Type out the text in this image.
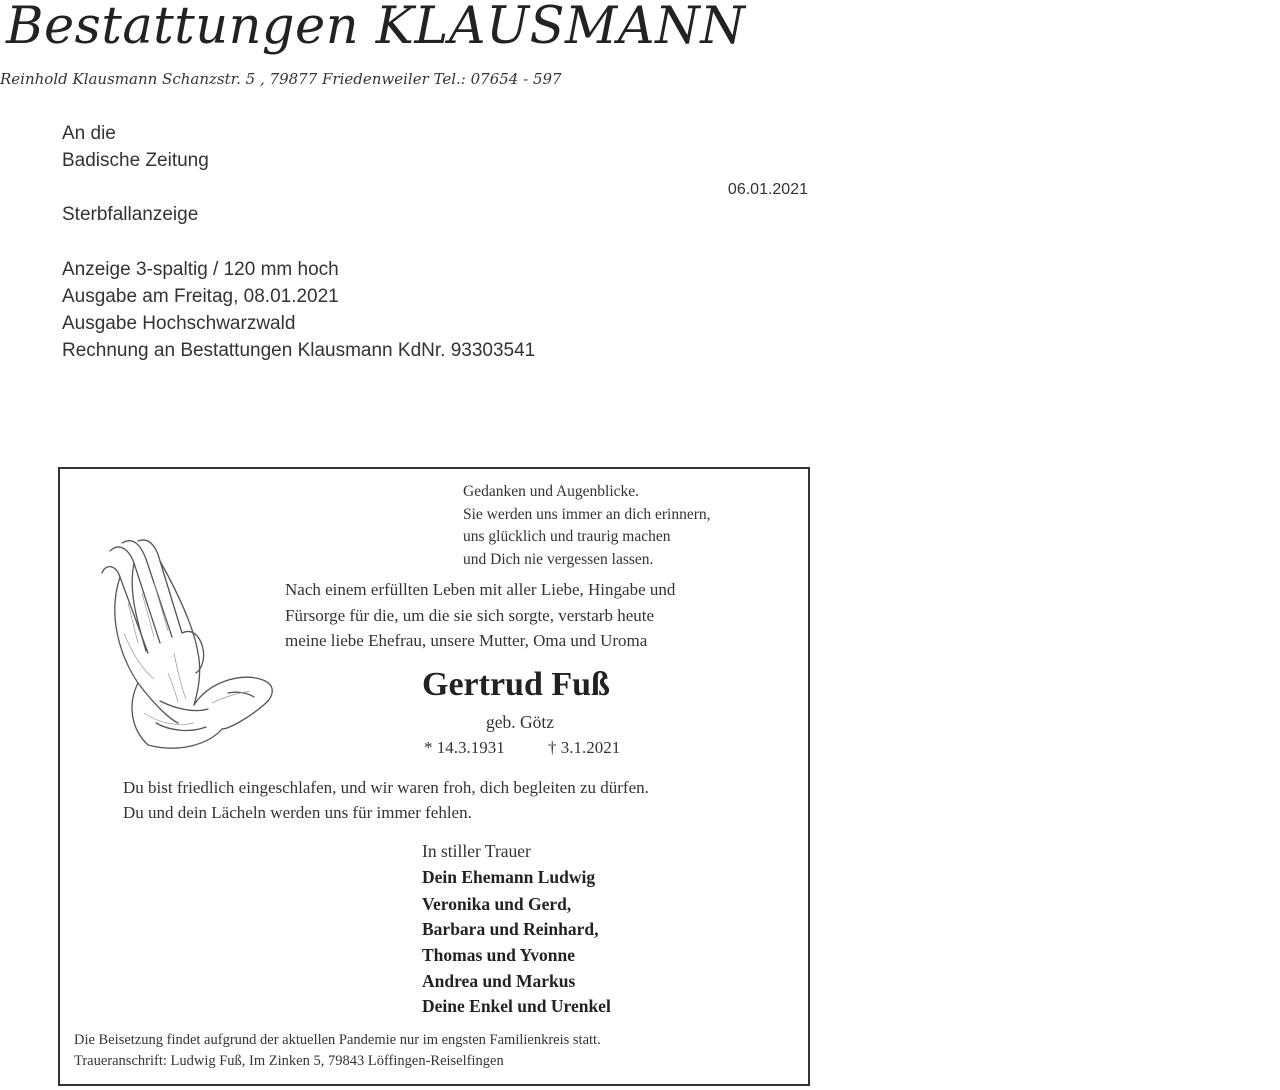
Bestattungen KLAUSMANN
Reinhold Klausmann Schanzstr. 5 , 79877 Friedenweiler Tel.: 07654 - 597
An die
Badische Zeitung
06.01.2021
Sterbfallanzeige
Anzeige 3-spaltig / 120 mm hoch
Ausgabe am Freitag, 08.01.2021
Ausgabe Hochschwarzwald
Rechnung an Bestattungen Klausmann KdNr. 93303541
Gedanken und Augenblicke.
Sie werden uns immer an dich erinnern,
uns glücklich und traurig machen
und Dich nie vergessen lassen.
Nach einem erfüllten Leben mit aller Liebe, Hingabe und
Fürsorge für die, um die sie sich sorgte, verstarb heute
meine liebe Ehefrau, unsere Mutter, Oma und Uroma
Gertrud Fuß
geb. Götz
* 14.3.1931	† 3.1.2021
Du bist friedlich eingeschlafen, und wir waren froh, dich begleiten zu dürfen.
Du und dein Lächeln werden uns für immer fehlen.
In stiller Trauer
Dein Ehemann Ludwig
Veronika und Gerd,
Barbara und Reinhard,
Thomas und Yvonne
Andrea und Markus
Deine Enkel und Urenkel
Die Beisetzung findet aufgrund der aktuellen Pandemie nur im engsten Familienkreis statt.
Traueranschrift: Ludwig Fuß, Im Zinken 5, 79843 Löffingen-Reiselfingen
